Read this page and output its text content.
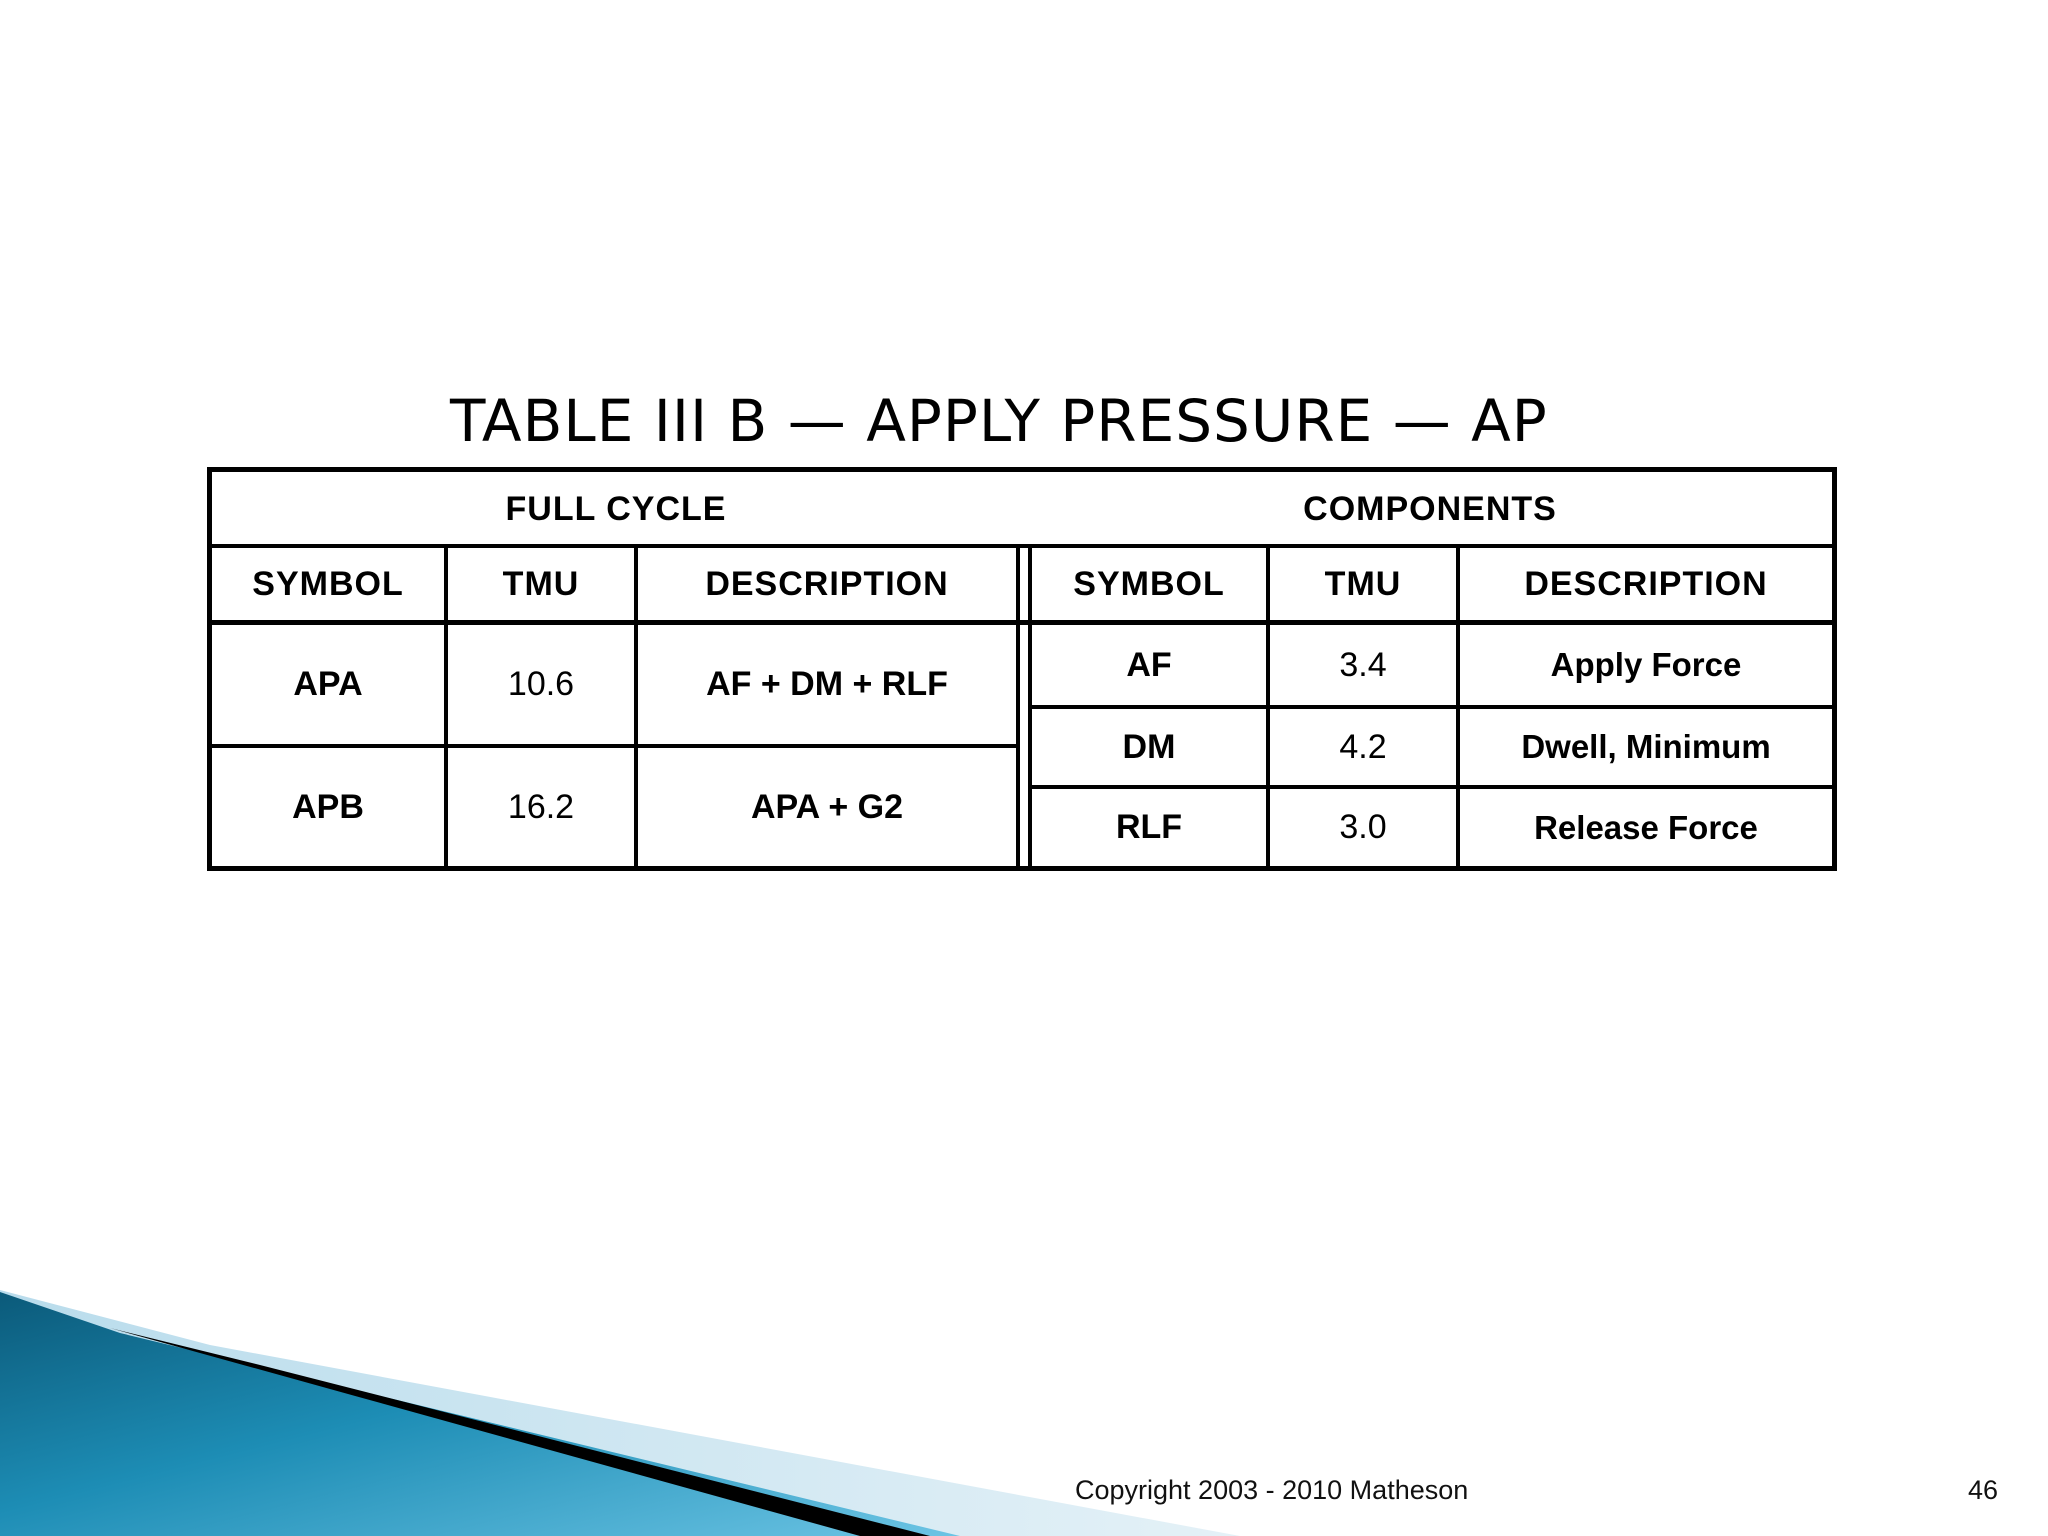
TABLE III B — APPLY PRESSURE — AP
FULL CYCLE	COMPONENTS
SYMBOL	TMU	DESCRIPTION	SYMBOL	TMU	DESCRIPTION
APA	10.6	AF + DM + RLF
APB	16.2	APA + G2
AF	3.4	Apply Force
DM	4.2	Dwell, Minimum
RLF	3.0	Release Force
Copyright 2003 - 2010 Matheson	46
